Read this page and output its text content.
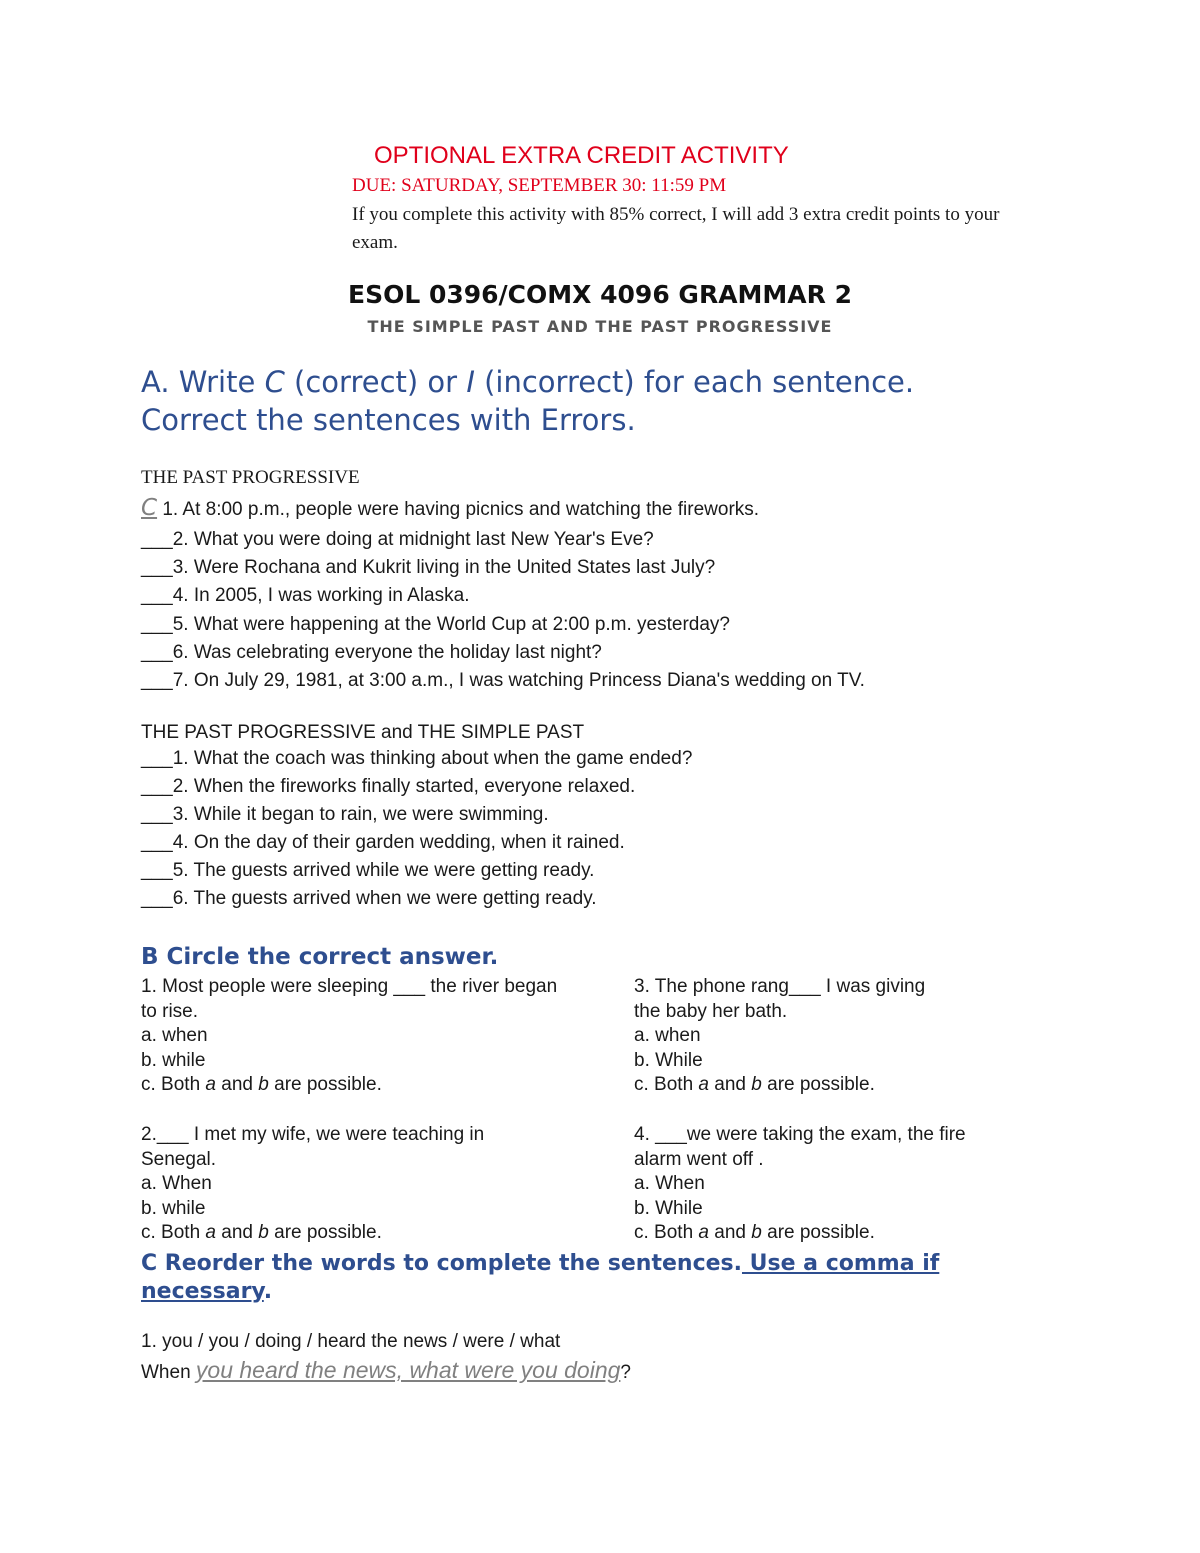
OPTIONAL EXTRA CREDIT ACTIVITY
DUE: SATURDAY, SEPTEMBER 30: 11:59 PM
If you complete this activity with 85% correct, I will add 3 extra credit points to your exam.
ESOL 0396/COMX 4096 GRAMMAR 2
THE SIMPLE PAST AND THE PAST PROGRESSIVE
A. Write C (correct) or I (incorrect) for each sentence.
Correct the sentences with Errors.
THE PAST PROGRESSIVE
C 1. At 8:00 p.m., people were having picnics and watching the fireworks.
___2. What you were doing at midnight last New Year's Eve?
___3. Were Rochana and Kukrit living in the United States last July?
___4. In 2005, I was working in Alaska.
___5. What were happening at the World Cup at 2:00 p.m. yesterday?
___6. Was celebrating everyone the holiday last night?
___7. On July 29, 1981, at 3:00 a.m., I was watching Princess Diana's wedding on TV.
THE PAST PROGRESSIVE and THE SIMPLE PAST
___1. What the coach was thinking about when the game ended?
___2. When the fireworks finally started, everyone relaxed.
___3. While it began to rain, we were swimming.
___4. On the day of their garden wedding, when it rained.
___5. The guests arrived while we were getting ready.
___6. The guests arrived when we were getting ready.
B Circle the correct answer.
1. Most people were sleeping ___ the river began
to rise.
a. when
b. while
c. Both a and b are possible.
2.___ I met my wife, we were teaching in
Senegal.
a. When
b. while
c. Both a and b are possible.
3. The phone rang___ I was giving
the baby her bath.
a. when
b. While
c. Both a and b are possible.
4. ___we were taking the exam, the fire
alarm went off .
a. When
b. While
c. Both a and b are possible.
C Reorder the words to complete the sentences. Use a comma if necessary.
1. you / you / doing / heard the news / were / what
When you heard the news, what were you doing?
